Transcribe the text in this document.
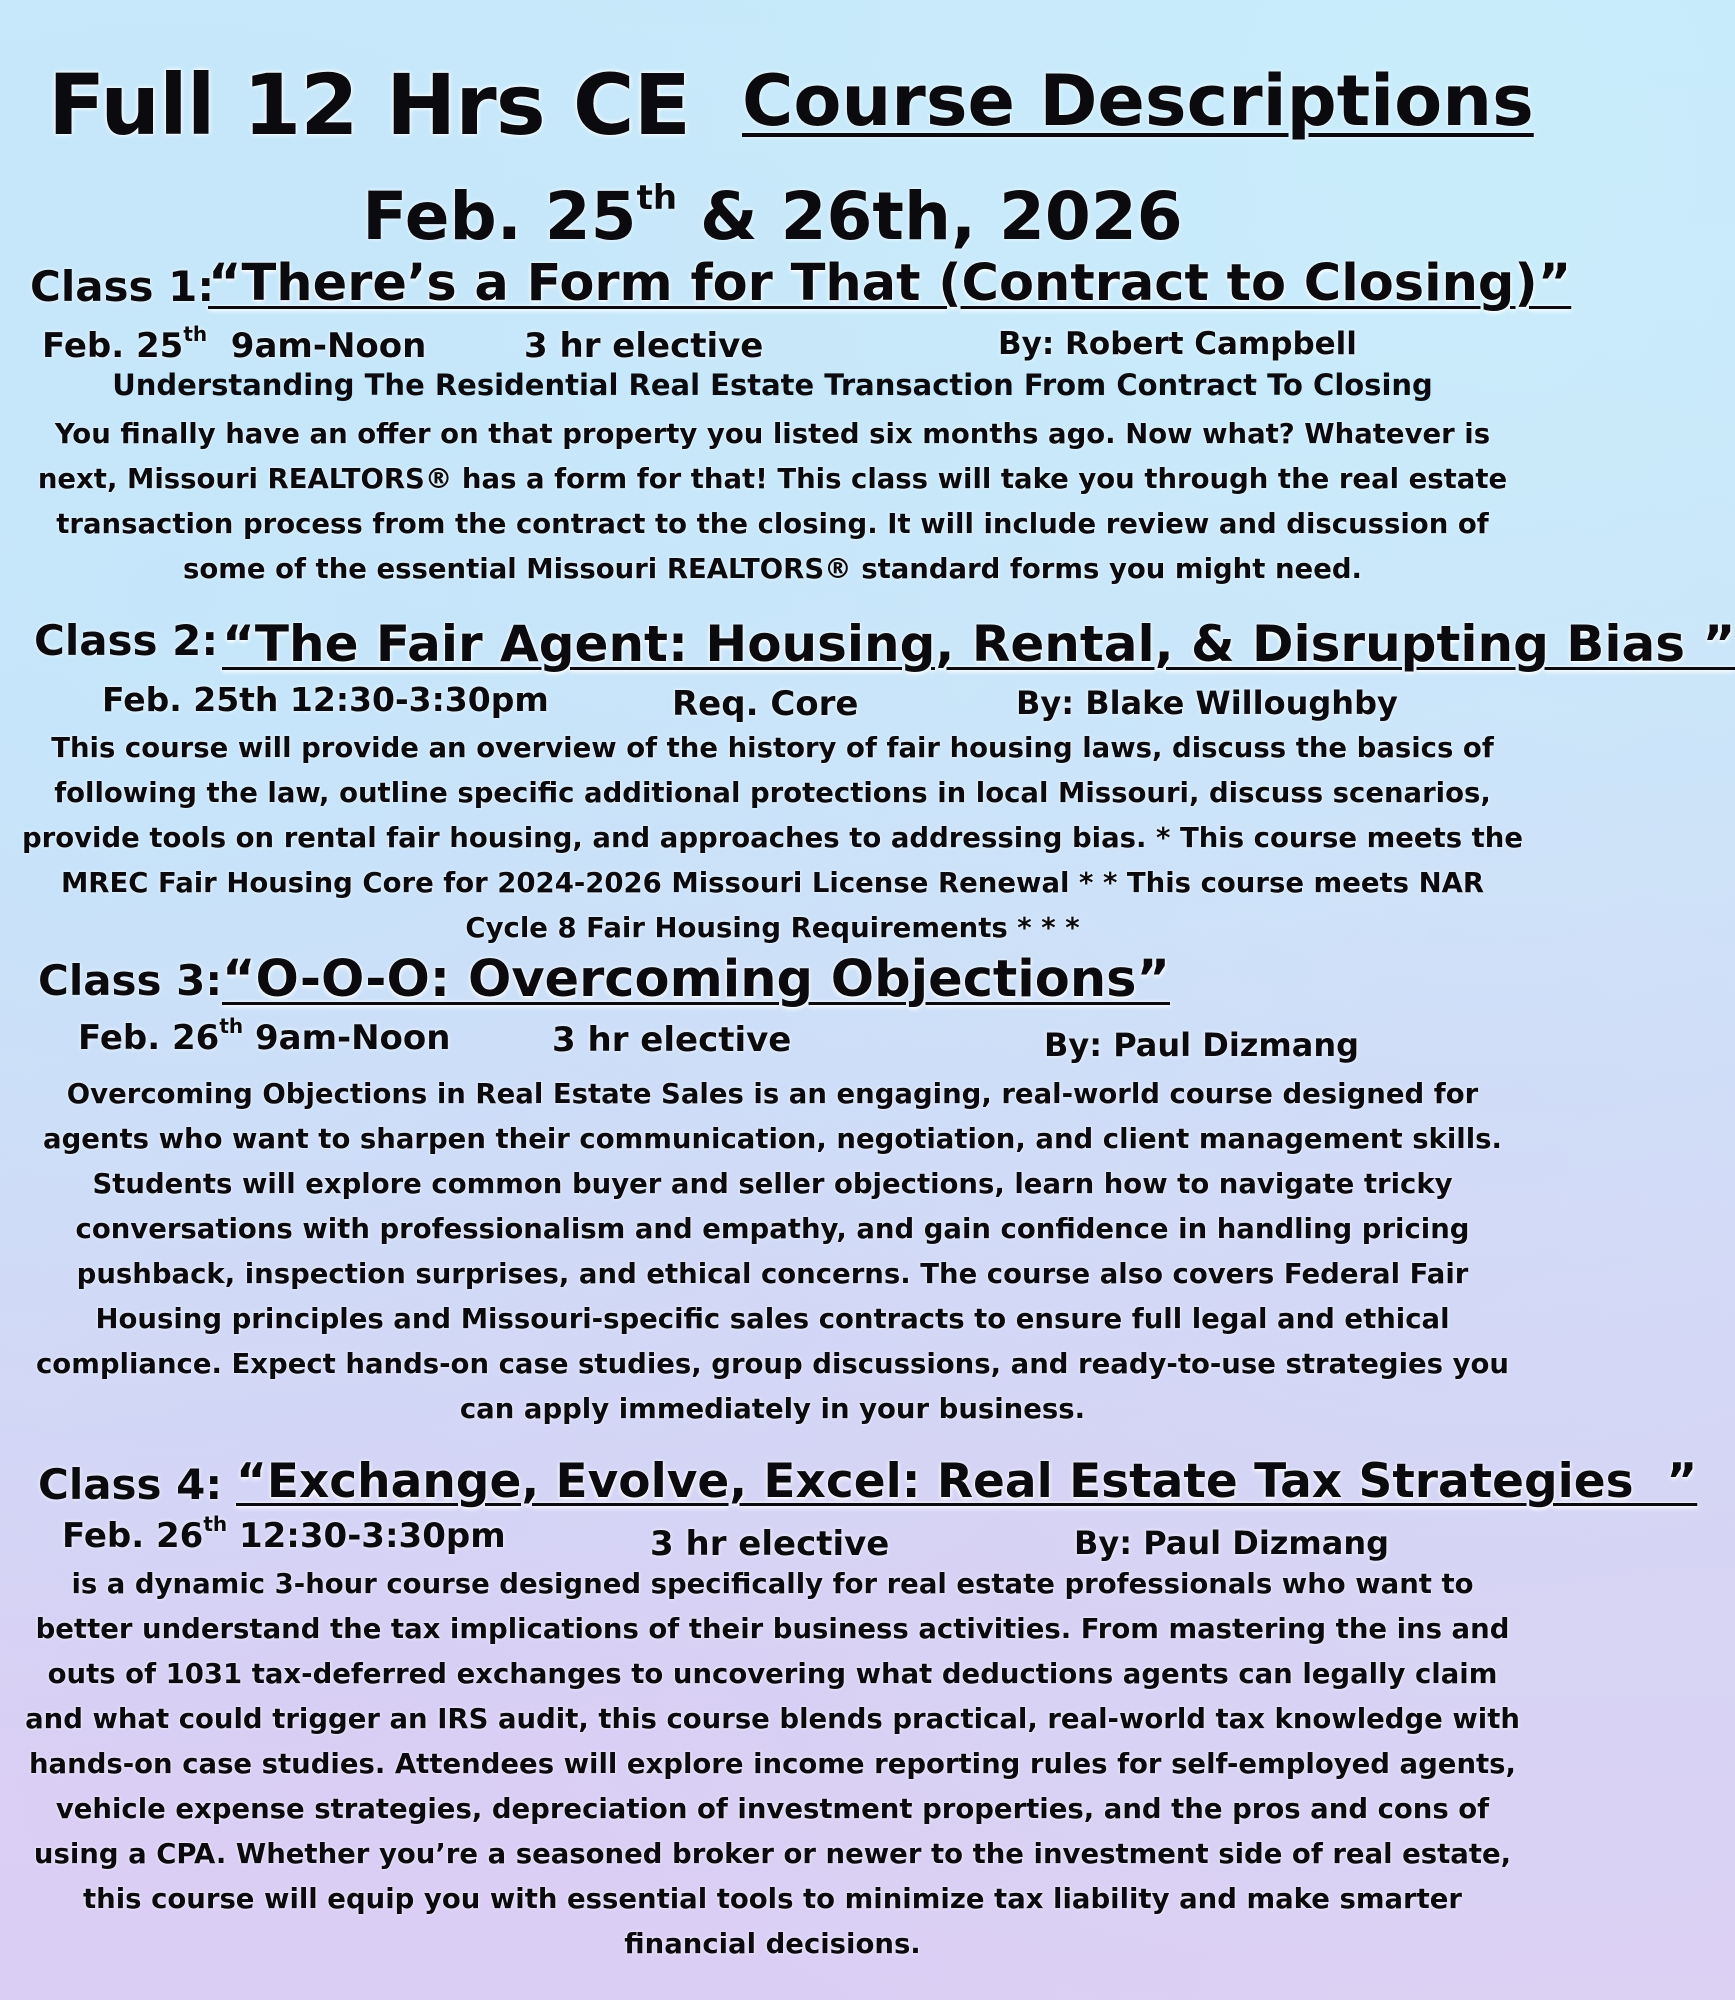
Full 12 Hrs CE Course Descriptions
Feb. 25th & 26th, 2026
Class 1:
“There’s a Form for That (Contract to Closing)”
Feb. 25th  9am-Noon	3 hr elective	By: Robert Campbell
Understanding The Residential Real Estate Transaction From Contract To Closing
You finally have an offer on that property you listed six months ago. Now what? Whatever is next, Missouri REALTORS® has a form for that! This class will take you through the real estate transaction process from the contract to the closing. It will include review and discussion of some of the essential Missouri REALTORS® standard forms you might need.
Class 2: “The Fair Agent: Housing, Rental, & Disrupting Bias ”
Feb. 25th 12:30-3:30pm	Req. Core	By: Blake Willoughby
This course will provide an overview of the history of fair housing laws, discuss the basics of following the law, outline specific additional protections in local Missouri, discuss scenarios, provide tools on rental fair housing, and approaches to addressing bias. * This course meets the MREC Fair Housing Core for 2024-2026 Missouri License Renewal * * This course meets NAR Cycle 8 Fair Housing Requirements * * *
Class 3: “O-O-O: Overcoming Objections”
Feb. 26th 9am-Noon	3 hr elective	By: Paul Dizmang
Overcoming Objections in Real Estate Sales is an engaging, real-world course designed for agents who want to sharpen their communication, negotiation, and client management skills. Students will explore common buyer and seller objections, learn how to navigate tricky conversations with professionalism and empathy, and gain confidence in handling pricing pushback, inspection surprises, and ethical concerns. The course also covers Federal Fair Housing principles and Missouri-specific sales contracts to ensure full legal and ethical compliance. Expect hands-on case studies, group discussions, and ready-to-use strategies you can apply immediately in your business.
Class 4: “Exchange, Evolve, Excel: Real Estate Tax Strategies  ”
Feb. 26th 12:30-3:30pm	3 hr elective	By: Paul Dizmang
is a dynamic 3-hour course designed specifically for real estate professionals who want to better understand the tax implications of their business activities. From mastering the ins and outs of 1031 tax-deferred exchanges to uncovering what deductions agents can legally claim and what could trigger an IRS audit, this course blends practical, real-world tax knowledge with hands-on case studies. Attendees will explore income reporting rules for self-employed agents, vehicle expense strategies, depreciation of investment properties, and the pros and cons of using a CPA. Whether you’re a seasoned broker or newer to the investment side of real estate, this course will equip you with essential tools to minimize tax liability and make smarter financial decisions.
